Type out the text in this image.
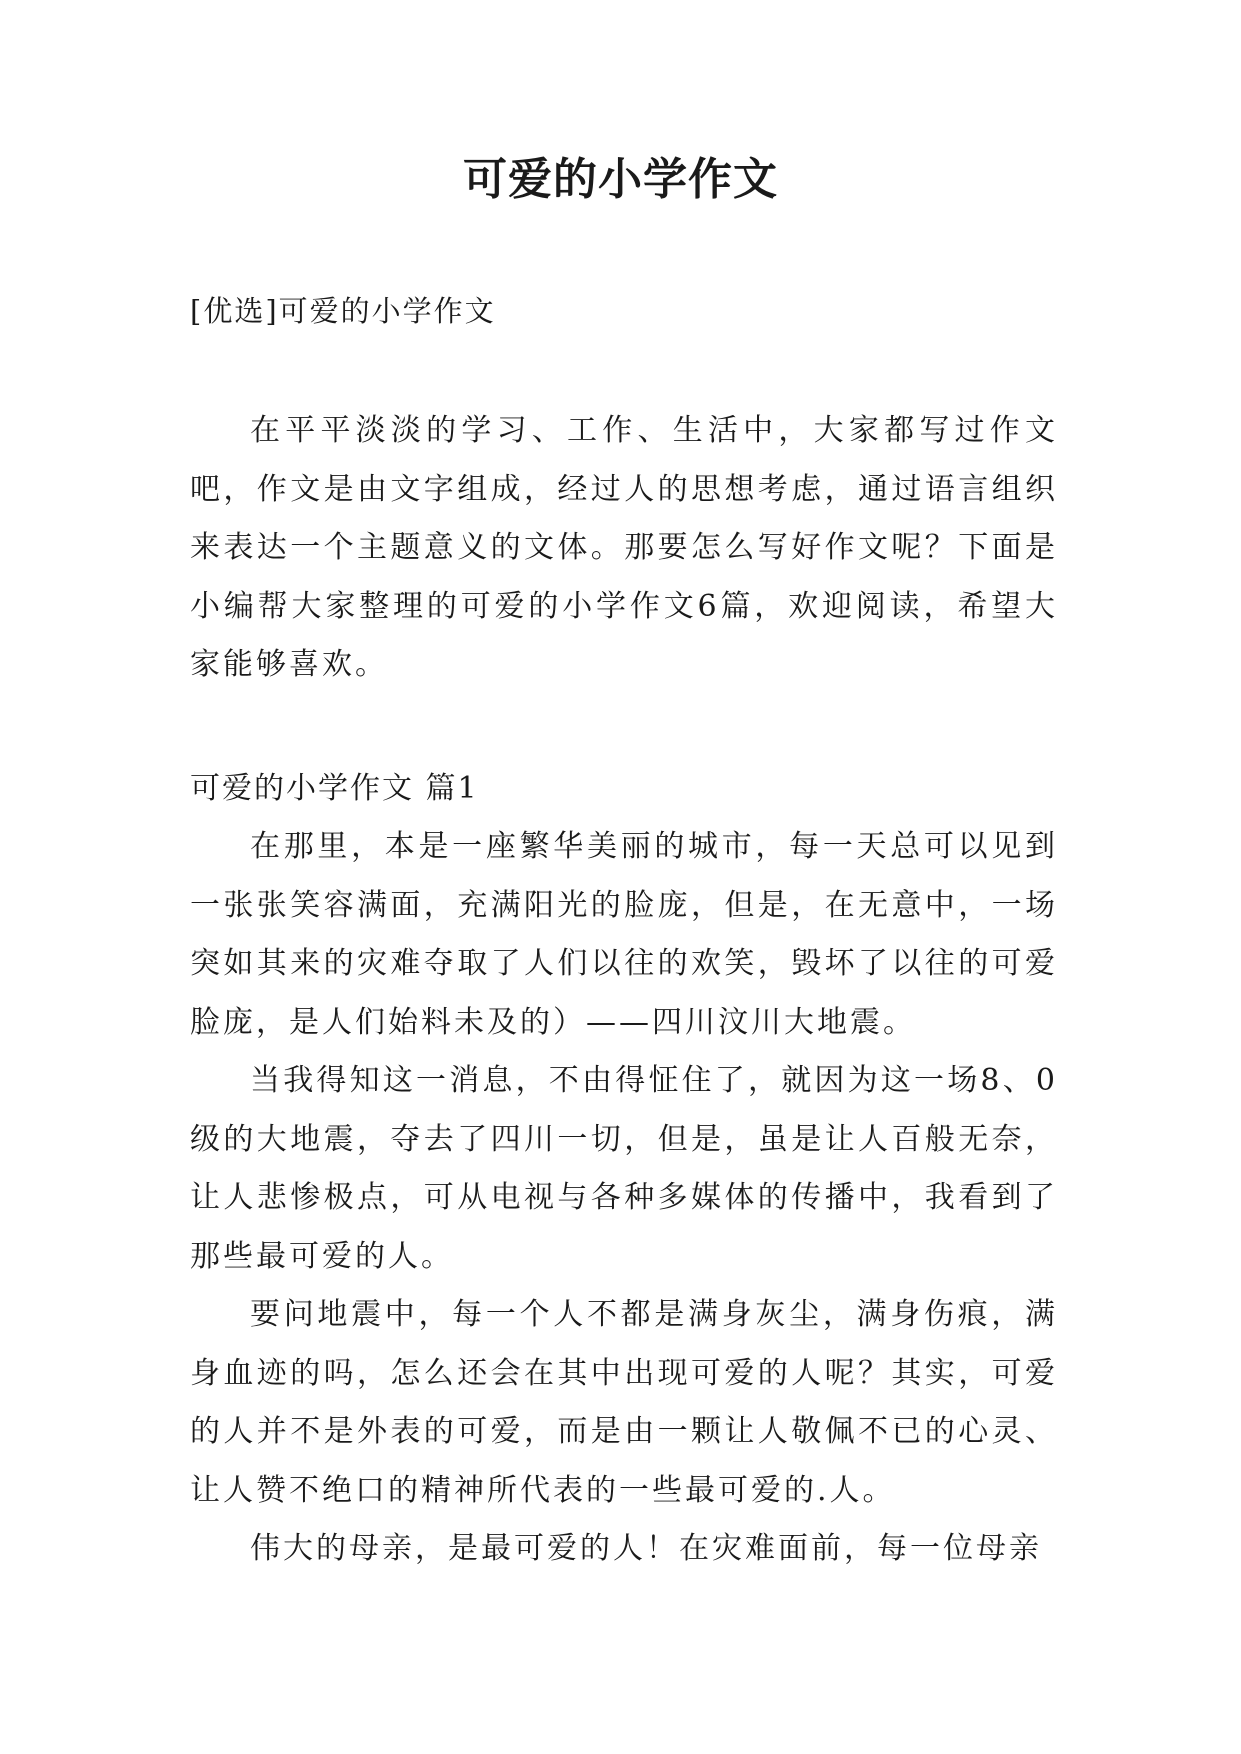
可爱的小学作文
[优选]可爱的小学作文

在平平淡淡的学习、工作、生活中，大家都写过作文吧，作文是由文字组成，经过人的思想考虑，通过语言组织来表达一个主题意义的文体。那要怎么写好作文呢？下面是小编帮大家整理的可爱的小学作文6篇，欢迎阅读，希望大家能够喜欢。

可爱的小学作文 篇1

在那里，本是一座繁华美丽的城市，每一天总可以见到一张张笑容满面，充满阳光的脸庞，但是，在无意中，一场突如其来的灾难夺取了人们以往的欢笑，毁坏了以往的可爱脸庞，是人们始料未及的）——四川汶川大地震。

当我得知这一消息，不由得怔住了，就因为这一场8、0级的大地震，夺去了四川一切，但是，虽是让人百般无奈，让人悲惨极点，可从电视与各种多媒体的传播中，我看到了那些最可爱的人。

要问地震中，每一个人不都是满身灰尘，满身伤痕，满身血迹的吗，怎么还会在其中出现可爱的人呢？其实，可爱的人并不是外表的可爱，而是由一颗让人敬佩不已的心灵、让人赞不绝口的精神所代表的一些最可爱的.人。

伟大的母亲，是最可爱的人！在灾难面前，每一位母亲
